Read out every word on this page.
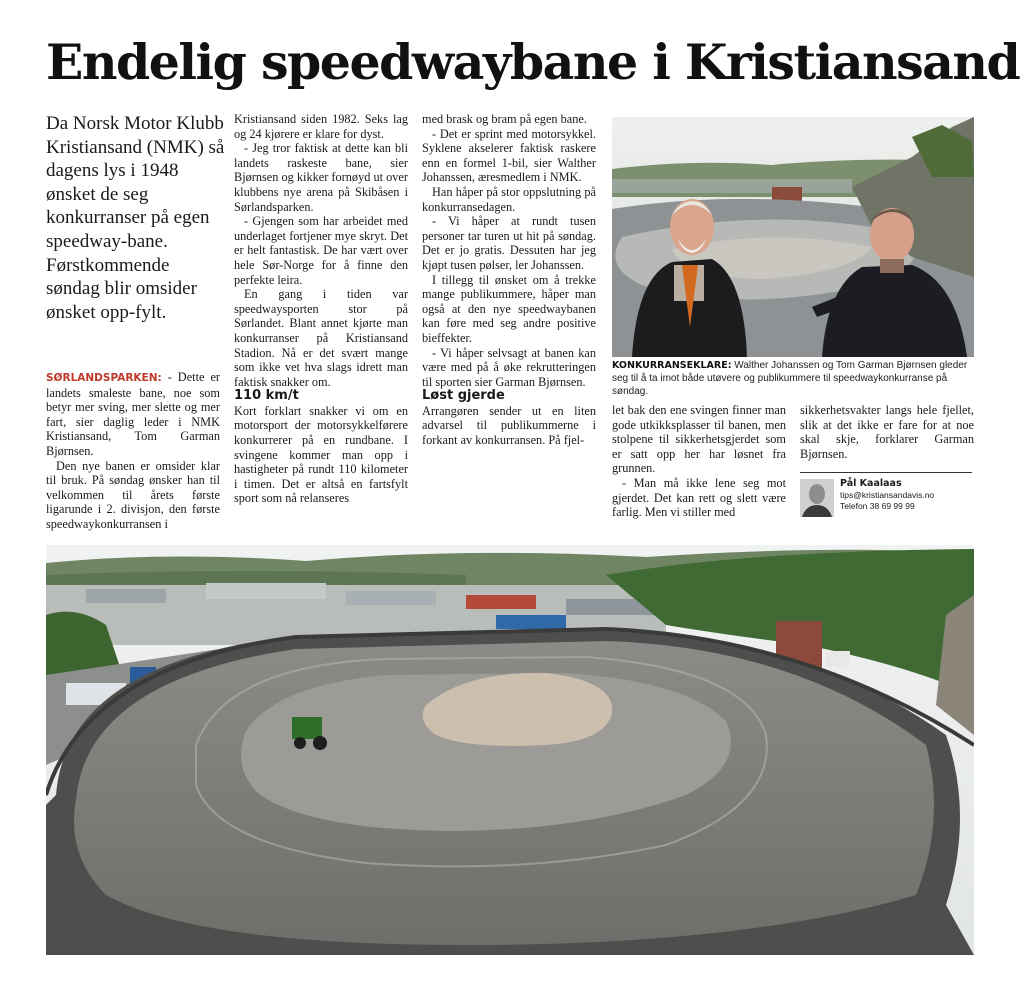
Endelig speedwaybane i Kristiansand

Da Norsk Motor Klubb Kristiansand (NMK) så dagens lys i 1948 ønsket de seg konkurranser på egen speedway-bane. Førstkommende søndag blir omsider ønsket opp-fylt.

SØRLANDSPARKEN: - Dette er landets smaleste bane, noe som betyr mer sving, mer slette og mer fart, sier daglig leder i NMK Kristiansand, Tom Garman Bjørnsen.

Den nye banen er omsider klar til bruk. På søndag ønsker han til velkommen til årets første ligarunde i 2. divisjon, den første speedwaykonkurransen i

Kristiansand siden 1982. Seks lag og 24 kjørere er klare for dyst.

- Jeg tror faktisk at dette kan bli landets raskeste bane, sier Bjørnsen og kikker fornøyd ut over klubbens nye arena på Skibåsen i Sørlandsparken.

- Gjengen som har arbeidet med underlaget fortjener mye skryt. Det er helt fantastisk. De har vært over hele Sør-Norge for å finne den perfekte leira.

En gang i tiden var speedwaysporten stor på Sørlandet. Blant annet kjørte man konkurranser på Kristiansand Stadion. Nå er det svært mange som ikke vet hva slags idrett man faktisk snakker om.

110 km/t

Kort forklart snakker vi om en motorsport der motorsykkelførere konkurrerer på en rundbane. I svingene kommer man opp i hastigheter på rundt 110 kilometer i timen. Det er altså en fartsfylt sport som nå relanseres

med brask og bram på egen bane.

- Det er sprint med motorsykkel. Syklene akselerer faktisk raskere enn en formel 1-bil, sier Walther Johanssen, æresmedlem i NMK.

Han håper på stor oppslutning på konkurransedagen.

- Vi håper at rundt tusen personer tar turen ut hit på søndag. Det er jo gratis. Dessuten har jeg kjøpt tusen pølser, ler Johanssen.

I tillegg til ønsket om å trekke mange publikummere, håper man også at den nye speedwaybanen kan føre med seg andre positive bieffekter.

- Vi håper selvsagt at banen kan være med på å øke rekrutteringen til sporten sier Garman Bjørnsen.

Løst gjerde

Arrangøren sender ut en liten advarsel til publikummerne i forkant av konkurransen. På fjel-

let bak den ene svingen finner man gode utkikksplasser til banen, men stolpene til sikkerhetsgjerdet som er satt opp her har løsnet fra grunnen.

- Man må ikke lene seg mot gjerdet. Det kan rett og slett være farlig. Men vi stiller med

sikkerhetsvakter langs hele fjellet, slik at det ikke er fare for at noe skal skje, forklarer Garman Bjørnsen.

KONKURRANSEKLARE: Walther Johanssen og Tom Garman Bjørnsen gleder seg til å ta imot både utøvere og publikummere til speedwaykonkurranse på søndag.
Pål Kaalaas
tips@kristiansandavis.no
Telefon 38 69 99 99
